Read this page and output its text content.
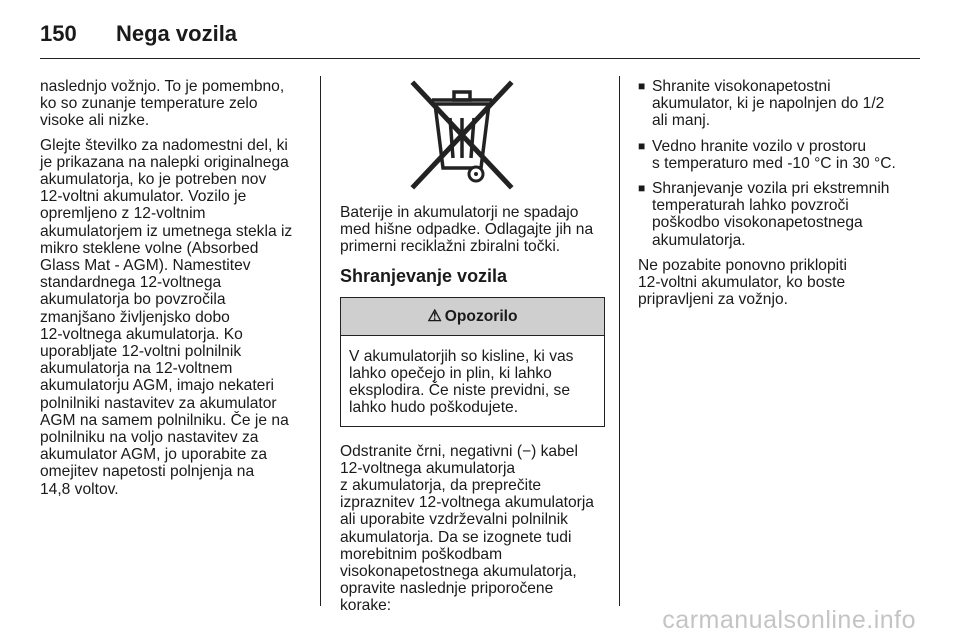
150	Nega vozila

naslednjo vožnjo. To je pomembno,
ko so zunanje temperature zelo
visoke ali nizke.

Glejte številko za nadomestni del, ki
je prikazana na nalepki originalnega
akumulatorja, ko je potreben nov
12-voltni akumulator. Vozilo je
opremljeno z 12-voltnim
akumulatorjem iz umetnega stekla iz
mikro steklene volne (Absorbed
Glass Mat - AGM). Namestitev
standardnega 12-voltnega
akumulatorja bo povzročila
zmanjšano življenjsko dobo
12-voltnega akumulatorja. Ko
uporabljate 12-voltni polnilnik
akumulatorja na 12-voltnem
akumulatorju AGM, imajo nekateri
polnilniki nastavitev za akumulator
AGM na samem polnilniku. Če je na
polnilniku na voljo nastavitev za
akumulator AGM, jo uporabite za
omejitev napetosti polnjenja na
14,8 voltov.

Baterije in akumulatorji ne spadajo
med hišne odpadke. Odlagajte jih na
primerni reciklažni zbiralni točki.

Shranjevanje vozila
⚠ Opozorilo
V akumulatorjih so kisline, ki vas
lahko opečejo in plin, ki lahko
eksplodira. Če niste previdni, se
lahko hudo poškodujete.

Odstranite črni, negativni (−) kabel
12-voltnega akumulatorja
z akumulatorja, da preprečite
izpraznitev 12-voltnega akumulatorja
ali uporabite vzdrževalni polnilnik
akumulatorja. Da se izognete tudi
morebitnim poškodbam
visokonapetostnega akumulatorja,
opravite naslednje priporočene
korake:

■ Shranite visokonapetostni
akumulator, ki je napolnjen do 1/2
ali manj.
■ Vedno hranite vozilo v prostoru
s temperaturo med -10 °C in 30 °C.
■ Shranjevanje vozila pri ekstremnih
temperaturah lahko povzroči
poškodbo visokonapetostnega
akumulatorja.

Ne pozabite ponovno priklopiti
12-voltni akumulator, ko boste
pripravljeni za vožnjo.

carmanualsonline.info
